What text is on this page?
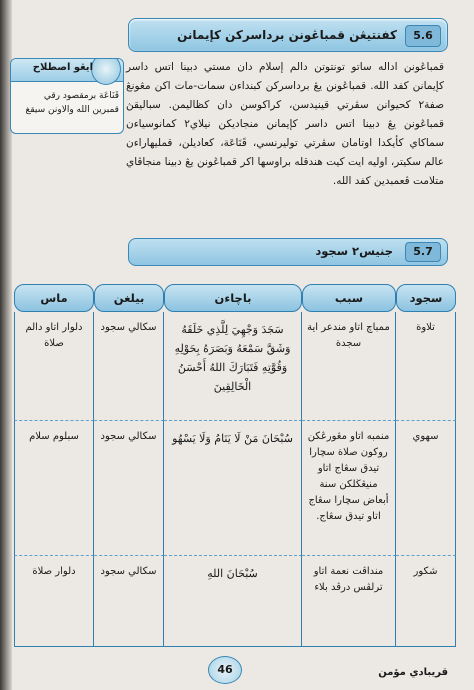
5.6
كفنتيڠن قمباڠونن برداسركن كإيمانن
ايڠو اصطلاح
قَنَاعَة برمقصود رقي قمبرين الله والاونن سيقغ
قمباڠونن اداله ساتو تونتوتن دالم إسلام دان مستي دبينا اتس داسر كإيمانن كفد الله. قمباڠونن يڠ برداسركن كبنداءن سمات-مات اكن مڠونڠ صفة٢ كحيوانن سڤرتي قينيدسن، كراكوسن دان كظاليمن. سباليقڽ قمباڠونن يڠ دبينا اتس داسر كإيمانن منجاديكن نيلاي٢ كمانوسياءن سماكاي كأيكدا اوتامان سڤرتي توليرنسي، قَنَاعَة، كعاديلن، قمليهاراءن عالم سكيتر، اوليه ايت كيت هندقله براوسها اكر قمباڠونن يڠ دبينا منجاڤاي متلامت ڤعمبدين كفد الله.
5.7
جنيس٢ سجود
سجود	سبب	باچاءن	بيلغن	ماس
تلاوة	ممباچ اتاو مندعر اية سجدة	سَجَدَ وَجْهِيَ لِلَّذِي خَلَقَهُ وَشَقَّ سَمْعَهُ وَبَصَرَهُ بِحَوْلِهِ وَقُوَّتِهِ فَتَبَارَكَ اللهُ أَحْسَنُ الْخَالِقِينَ	سكالي سجود	دلوار اتاو دالم صلاة
سهوي	منمبه اتاو مڠورڠكن روكون صلاة سچارا تيدق سڠاج اتاو منيڠڬلكن سنة أبعاض سچارا سڠاج اتاو تيدق سڠاج.	سُبْحَانَ مَنْ لَا يَنَامُ وَلَا يَسْهُو	سكالي سجود	سبلوم سلام
شكور	منداڤت نعمة اتاو ترلڤس درڤد بلاء	سُبْحَانَ اللهِ	سكالي سجود	دلوار صلاة
46	قريبادي مؤمن
